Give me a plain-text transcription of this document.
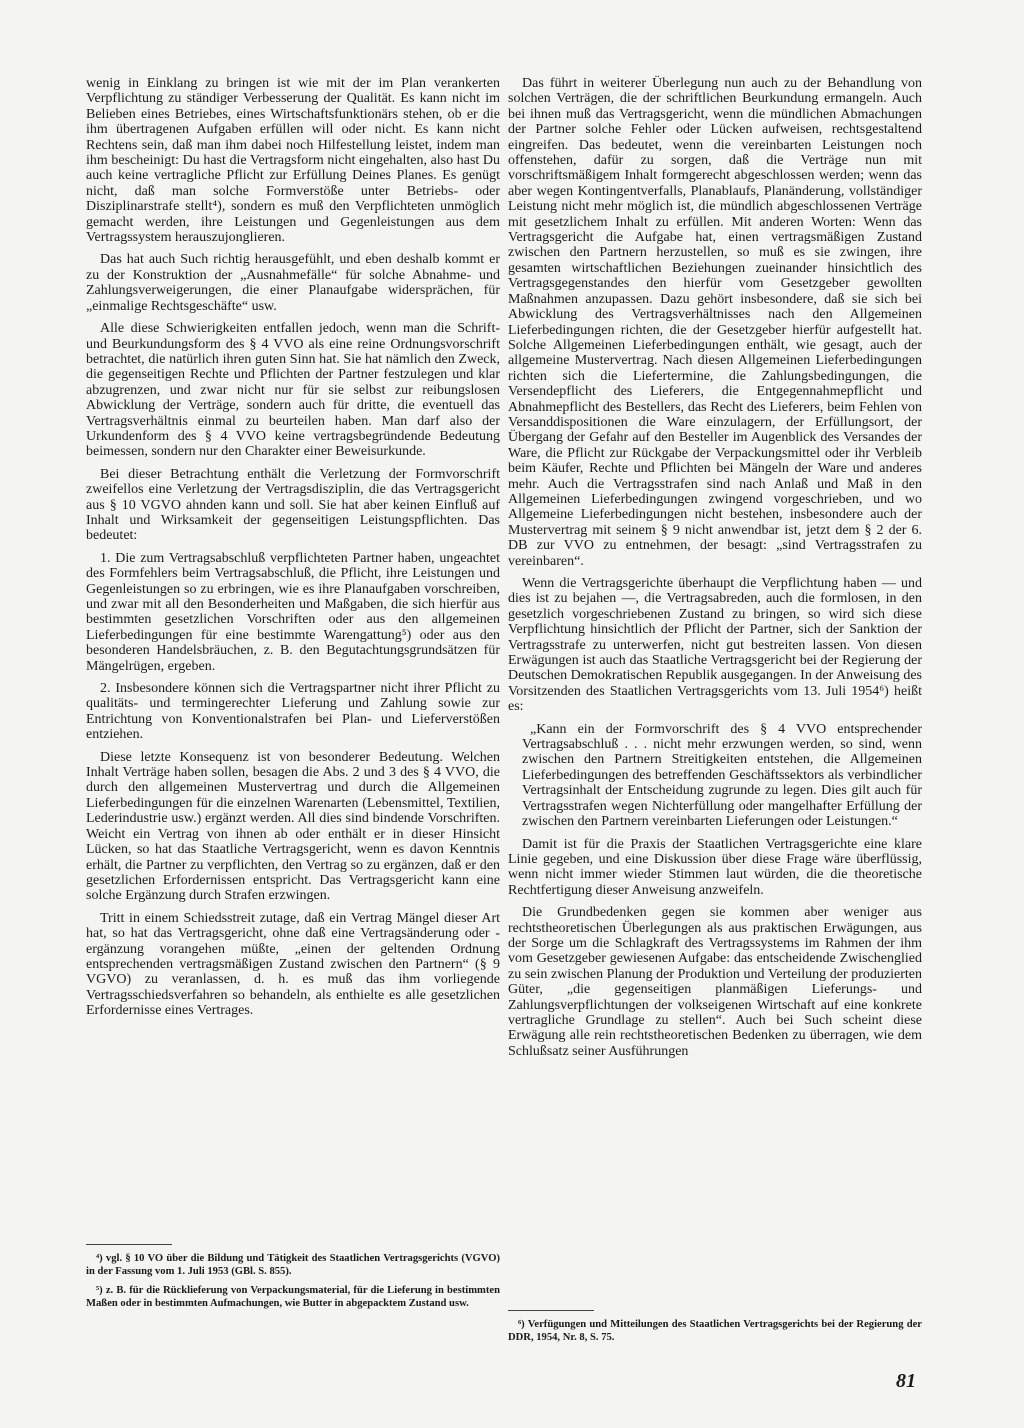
wenig in Einklang zu bringen ist wie mit der im Plan verankerten Verpflichtung zu ständiger Verbesserung der Qualität. Es kann nicht im Belieben eines Betriebes, eines Wirtschaftsfunktionärs stehen, ob er die ihm übertragenen Aufgaben erfüllen will oder nicht. Es kann nicht Rechtens sein, daß man ihm dabei noch Hilfestellung leistet, indem man ihm bescheinigt: Du hast die Vertragsform nicht eingehalten, also hast Du auch keine vertragliche Pflicht zur Erfüllung Deines Planes. Es genügt nicht, daß man solche Formverstöße unter Betriebs- oder Disziplinarstrafe stellt⁴), sondern es muß den Verpflichteten unmöglich gemacht werden, ihre Leistungen und Gegenleistungen aus dem Vertragssystem herauszujonglieren.

Das hat auch Such richtig herausgefühlt, und eben deshalb kommt er zu der Konstruktion der „Ausnahmefälle“ für solche Abnahme- und Zahlungsverweigerungen, die einer Planaufgabe widersprächen, für „einmalige Rechtsgeschäfte“ usw.

Alle diese Schwierigkeiten entfallen jedoch, wenn man die Schrift- und Beurkundungsform des § 4 VVO als eine reine Ordnungsvorschrift betrachtet, die natürlich ihren guten Sinn hat. Sie hat nämlich den Zweck, die gegenseitigen Rechte und Pflichten der Partner festzulegen und klar abzugrenzen, und zwar nicht nur für sie selbst zur reibungslosen Abwicklung der Verträge, sondern auch für dritte, die eventuell das Vertragsverhältnis einmal zu beurteilen haben. Man darf also der Urkundenform des § 4 VVO keine vertragsbegründende Bedeutung beimessen, sondern nur den Charakter einer Beweisurkunde.

Bei dieser Betrachtung enthält die Verletzung der Formvorschrift zweifellos eine Verletzung der Vertragsdisziplin, die das Vertragsgericht aus § 10 VGVO ahnden kann und soll. Sie hat aber keinen Einfluß auf Inhalt und Wirksamkeit der gegenseitigen Leistungspflichten. Das bedeutet:

1. Die zum Vertragsabschluß verpflichteten Partner haben, ungeachtet des Formfehlers beim Vertragsabschluß, die Pflicht, ihre Leistungen und Gegenleistungen so zu erbringen, wie es ihre Planaufgaben vorschreiben, und zwar mit all den Besonderheiten und Maßgaben, die sich hierfür aus bestimmten gesetzlichen Vorschriften oder aus den allgemeinen Lieferbedingungen für eine bestimmte Warengattung⁵) oder aus den besonderen Handelsbräuchen, z. B. den Begutachtungsgrundsätzen für Mängelrügen, ergeben.

2. Insbesondere können sich die Vertragspartner nicht ihrer Pflicht zu qualitäts- und termingerechter Lieferung und Zahlung sowie zur Entrichtung von Konventionalstrafen bei Plan- und Lieferverstößen entziehen.

Diese letzte Konsequenz ist von besonderer Bedeutung. Welchen Inhalt Verträge haben sollen, besagen die Abs. 2 und 3 des § 4 VVO, die durch den allgemeinen Mustervertrag und durch die Allgemeinen Lieferbedingungen für die einzelnen Warenarten (Lebensmittel, Textilien, Lederindustrie usw.) ergänzt werden. All dies sind bindende Vorschriften. Weicht ein Vertrag von ihnen ab oder enthält er in dieser Hinsicht Lücken, so hat das Staatliche Vertragsgericht, wenn es davon Kenntnis erhält, die Partner zu verpflichten, den Vertrag so zu ergänzen, daß er den gesetzlichen Erfordernissen entspricht. Das Vertragsgericht kann eine solche Ergänzung durch Strafen erzwingen.

Tritt in einem Schiedsstreit zutage, daß ein Vertrag Mängel dieser Art hat, so hat das Vertragsgericht, ohne daß eine Vertragsänderung oder -ergänzung vorangehen müßte, „einen der geltenden Ordnung entsprechenden vertragsmäßigen Zustand zwischen den Partnern“ (§ 9 VGVO) zu veranlassen, d. h. es muß das ihm vorliegende Vertragsschiedsverfahren so behandeln, als enthielte es alle gesetzlichen Erfordernisse eines Vertrages.

⁴) vgl. § 10 VO über die Bildung und Tätigkeit des Staatlichen Vertragsgerichts (VGVO) in der Fassung vom 1. Juli 1953 (GBl. S. 855).

⁵) z. B. für die Rücklieferung von Verpackungsmaterial, für die Lieferung in bestimmten Maßen oder in bestimmten Aufmachungen, wie Butter in abgepacktem Zustand usw.

Das führt in weiterer Überlegung nun auch zu der Behandlung von solchen Verträgen, die der schriftlichen Beurkundung ermangeln. Auch bei ihnen muß das Vertragsgericht, wenn die mündlichen Abmachungen der Partner solche Fehler oder Lücken aufweisen, rechtsgestaltend eingreifen. Das bedeutet, wenn die vereinbarten Leistungen noch offenstehen, dafür zu sorgen, daß die Verträge nun mit vorschriftsmäßigem Inhalt formgerecht abgeschlossen werden; wenn das aber wegen Kontingentverfalls, Planablaufs, Planänderung, vollständiger Leistung nicht mehr möglich ist, die mündlich abgeschlossenen Verträge mit gesetzlichem Inhalt zu erfüllen. Mit anderen Worten: Wenn das Vertragsgericht die Aufgabe hat, einen vertragsmäßigen Zustand zwischen den Partnern herzustellen, so muß es sie zwingen, ihre gesamten wirtschaftlichen Beziehungen zueinander hinsichtlich des Vertragsgegenstandes den hierfür vom Gesetzgeber gewollten Maßnahmen anzupassen. Dazu gehört insbesondere, daß sie sich bei Abwicklung des Vertragsverhältnisses nach den Allgemeinen Lieferbedingungen richten, die der Gesetzgeber hierfür aufgestellt hat. Solche Allgemeinen Lieferbedingungen enthält, wie gesagt, auch der allgemeine Mustervertrag. Nach diesen Allgemeinen Lieferbedingungen richten sich die Liefertermine, die Zahlungsbedingungen, die Versendepflicht des Lieferers, die Entgegennahmepflicht und Abnahmepflicht des Bestellers, das Recht des Lieferers, beim Fehlen von Versanddispositionen die Ware einzulagern, der Erfüllungsort, der Übergang der Gefahr auf den Besteller im Augenblick des Versandes der Ware, die Pflicht zur Rückgabe der Verpackungsmittel oder ihr Verbleib beim Käufer, Rechte und Pflichten bei Mängeln der Ware und anderes mehr. Auch die Vertragsstrafen sind nach Anlaß und Maß in den Allgemeinen Lieferbedingungen zwingend vorgeschrieben, und wo Allgemeine Lieferbedingungen nicht bestehen, insbesondere auch der Mustervertrag mit seinem § 9 nicht anwendbar ist, jetzt dem § 2 der 6. DB zur VVO zu entnehmen, der besagt: „sind Vertragsstrafen zu vereinbaren“.

Wenn die Vertragsgerichte überhaupt die Verpflichtung haben — und dies ist zu bejahen —, die Vertragsabreden, auch die formlosen, in den gesetzlich vorgeschriebenen Zustand zu bringen, so wird sich diese Verpflichtung hinsichtlich der Pflicht der Partner, sich der Sanktion der Vertragsstrafe zu unterwerfen, nicht gut bestreiten lassen. Von diesen Erwägungen ist auch das Staatliche Vertragsgericht bei der Regierung der Deutschen Demokratischen Republik ausgegangen. In der Anweisung des Vorsitzenden des Staatlichen Vertragsgerichts vom 13. Juli 1954⁶) heißt es:

„Kann ein der Formvorschrift des § 4 VVO entsprechender Vertragsabschluß . . . nicht mehr erzwungen werden, so sind, wenn zwischen den Partnern Streitigkeiten entstehen, die Allgemeinen Lieferbedingungen des betreffenden Geschäftssektors als verbindlicher Vertragsinhalt der Entscheidung zugrunde zu legen. Dies gilt auch für Vertragsstrafen wegen Nichterfüllung oder mangelhafter Erfüllung der zwischen den Partnern vereinbarten Lieferungen oder Leistungen.“

Damit ist für die Praxis der Staatlichen Vertragsgerichte eine klare Linie gegeben, und eine Diskussion über diese Frage wäre überflüssig, wenn nicht immer wieder Stimmen laut würden, die die theoretische Rechtfertigung dieser Anweisung anzweifeln.

Die Grundbedenken gegen sie kommen aber weniger aus rechtstheoretischen Überlegungen als aus praktischen Erwägungen, aus der Sorge um die Schlagkraft des Vertragssystems im Rahmen der ihm vom Gesetzgeber gewiesenen Aufgabe: das entscheidende Zwischenglied zu sein zwischen Planung der Produktion und Verteilung der produzierten Güter, „die gegenseitigen planmäßigen Lieferungs- und Zahlungsverpflichtungen der volkseigenen Wirtschaft auf eine konkrete vertragliche Grundlage zu stellen“. Auch bei Such scheint diese Erwägung alle rein rechtstheoretischen Bedenken zu überragen, wie dem Schlußsatz seiner Ausführungen

⁶) Verfügungen und Mitteilungen des Staatlichen Vertragsgerichts bei der Regierung der DDR, 1954, Nr. 8, S. 75.

81
